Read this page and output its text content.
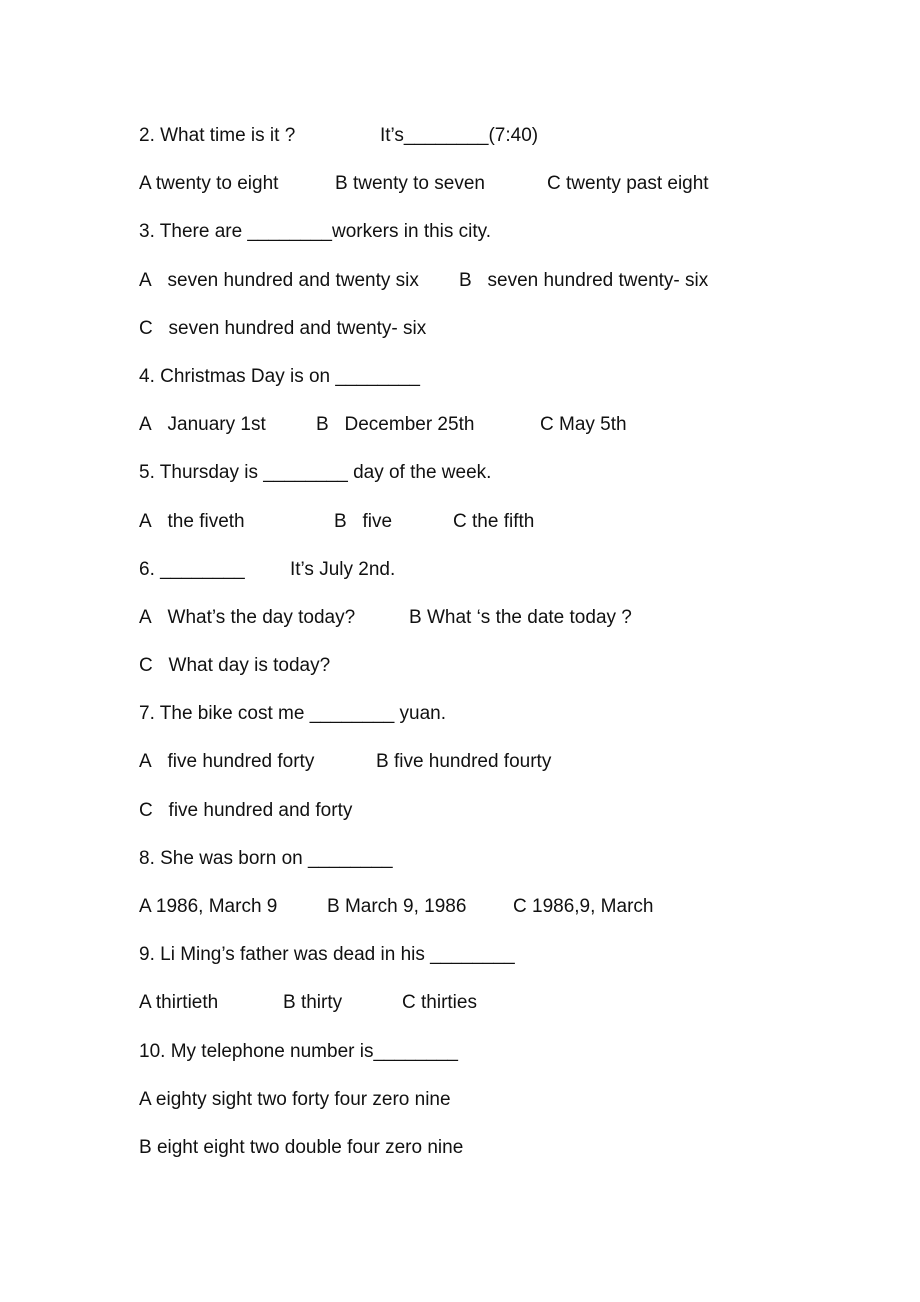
2. What time is it ?

	It’s________(7:40)

A twenty to eight

	B twenty to seven

	C twenty past eight

3. There are ________workers in this city.

A   seven hundred and twenty six

B   seven hundred twenty- six

C   seven hundred and twenty- six

4. Christmas Day is on ________

A   January 1st

	B   December 25th

	C May 5th

5. Thursday is ________ day of the week.

A   the fiveth

	B   five

	C the fifth

6. ________

It’s July 2nd.

A   What’s the day today?

	B What ‘s the date today ?

C   What day is today?

7. The bike cost me ________ yuan.

A   five hundred forty

	B five hundred fourty

C   five hundred and forty

8. She was born on ________

A 1986, March 9

	B March 9, 1986

C 1986,9, March

9. Li Ming’s father was dead in his ________

A thirtieth

	B thirty

	C thirties

10. My telephone number is________

A eighty sight two forty four zero nine

B eight eight two double four zero nine
